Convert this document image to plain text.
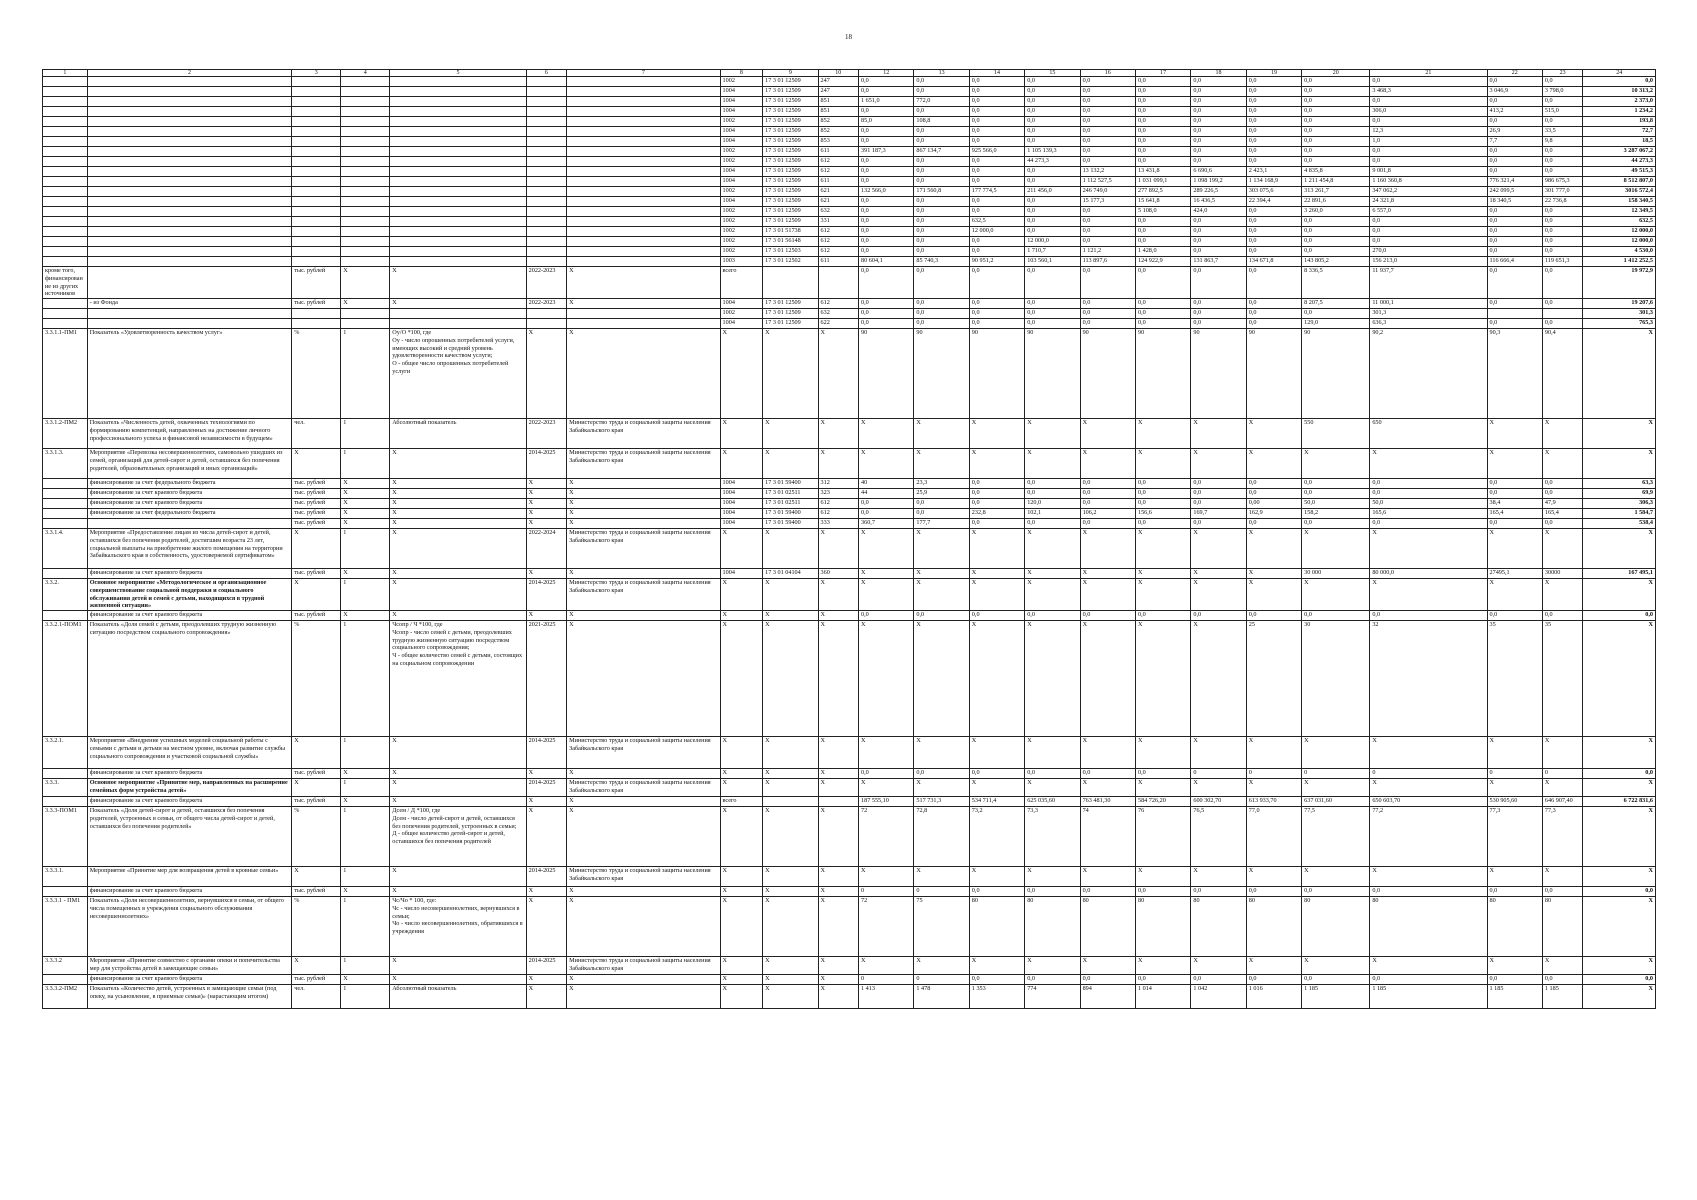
18
1	2	3	4	5	6	7	8	9	10	12	13	14	15	16	17	18	19	20	21	22	23	24
							1002	17 3 01 12509	247	0,0	0,0	0,0	0,0	0,0	0,0	0,0	0,0	0,0	0,0	0,0	0,0	0,0
							1004	17 3 01 12509	247	0,0	0,0	0,0	0,0	0,0	0,0	0,0	0,0	0,0	3 468,3	3 046,9	3 798,0	10 313,2
							1004	17 3 01 12509	851	1 651,0	772,0	0,0	0,0	0,0	0,0	0,0	0,0	0,0	0,0	0,0	0,0	2 373,0
							1004	17 3 01 12509	851	0,0	0,0	0,0	0,0	0,0	0,0	0,0	0,0	0,0	306,0	413,2	515,0	1 234,2
							1002	17 3 01 12509	852	85,0	108,8	0,0	0,0	0,0	0,0	0,0	0,0	0,0	0,0	0,0	0,0	193,8
							1004	17 3 01 12509	852	0,0	0,0	0,0	0,0	0,0	0,0	0,0	0,0	0,0	12,3	26,9	33,5	72,7
							1004	17 3 01 12509	853	0,0	0,0	0,0	0,0	0,0	0,0	0,0	0,0	0,0	1,0	7,7	9,8	18,5
							1002	17 3 01 12509	611	391 187,3	867 134,7	925 566,0	1 105 139,3	0,0	0,0	0,0	0,0	0,0	0,0	0,0	0,0	3 287 067,2
							1002	17 3 01 12509	612	0,0	0,0	0,0	44 273,3	0,0	0,0	0,0	0,0	0,0	0,0	0,0	0,0	44 273,3
							1004	17 3 01 12509	612	0,0	0,0	0,0	0,0	13 132,2	13 431,8	6 690,6	2 423,1	4 835,8	9 001,8	0,0	0,0	49 515,3
							1004	17 3 01 12509	611	0,0	0,0	0,0	0,0	1 112 527,5	1 031 099,1	1 098 199,2	1 134 168,9	1 211 454,8	1 160 360,8	776 321,4	986 675,3	8 512 807,0
							1002	17 3 01 12509	621	132 566,0	171 560,8	177 774,5	211 456,0	246 749,0	277 892,5	289 226,5	303 075,6	313 261,7	347 062,2	242 099,5	301 777,0	3016 572,4
							1004	17 3 01 12509	621	0,0	0,0	0,0	0,0	15 177,3	15 641,8	16 436,5	22 394,4	22 891,6	24 321,8	18 340,5	22 736,8	158 340,5
							1002	17 3 01 12509	632	0,0	0,0	0,0	0,0	0,0	5 108,0	424,0	0,0	3 260,0	6 557,0	0,0	0,0	12 349,5
							1002	17 3 01 12509	331	0,0	0,0	632,5	0,0	0,0	0,0	0,0	0,0	0,0	0,0	0,0	0,0	632,5
							1002	17 3 01 51738	612	0,0	0,0	12 000,0	0,0	0,0	0,0	0,0	0,0	0,0	0,0	0,0	0,0	12 000,0
							1002	17 3 01 56148	612	0,0	0,0	0,0	12 000,0	0,0	0,0	0,0	0,0	0,0	0,0	0,0	0,0	12 000,0
							1002	17 3 01 12503	612	0,0	0,0	0,0	1 710,7	1 121,2	1 428,0	0,0	0,0	0,0	270,0	0,0	0,0	4 530,0
							1003	17 3 01 12502	611	80 604,1	85 740,3	90 951,2	103 560,1	113 897,6	124 922,9	131 863,7	134 671,8	143 805,2	156 213,0	116 666,4	119 651,3	1 412 252,5
кроме того, финансирование из других источников		тыс. рублей	Х	Х	2022-2023	Х	всего			0,0	0,0	0,0	0,0	0,0	0,0	0,0	0,0	8 336,5	11 937,7	0,0	0,0	19 972,9
	- из Фонда	тыс. рублей	Х	Х	2022-2023	Х	1004	17 3 01 12509	612	0,0	0,0	0,0	0,0	0,0	0,0	0,0	0,0	8 207,5	11 000,1	0,0	0,0	19 207,6
							1002	17 3 01 12509	632	0,0	0,0	0,0	0,0	0,0	0,0	0,0	0,0	0,0	301,3			301,3
							1004	17 3 01 12509	622	0,0	0,0	0,0	0,0	0,0	0,0	0,0	0,0	129,0	636,3	0,0	0,0	765,3
3.3.1.1-ПМ1	Показатель «Удовлетворенность качеством услуг»	%	1	Оу/О *100, где
Оу - число опрошенных потребителей услуги, имеющих высокий и средний уровень удовлетворенности качеством услуги;
О - общее число опрошенных потребителей услуги	Х	Х	Х	Х	Х	90	90	90	90	90	90	90	90	90	90,2	90,3	90,4	Х
3.3.1.2-ПМ2	Показатель «Численность детей, охваченных технологиями по формированию компетенций, направленных на достижение личного профессионального успеха и финансовой независимости в будущем»	чел.	1	Абсолютный показатель	2022-2023	Министерство труда и социальной защиты населения Забайкальского края	Х	Х	Х	Х	Х	Х	Х	Х	Х	Х	Х	550	650	Х	Х	Х
3.3.1.3.	Мероприятие «Перевозка несовершеннолетних, самовольно ушедших из семей, организаций для детей-сирот и детей, оставшихся без попечения родителей, образовательных организаций и иных организаций»	Х	1	Х	2014-2025	Министерство труда и социальной защиты населения Забайкальского края	Х	Х	Х	Х	Х	Х	Х	Х	Х	Х	Х	Х	Х	Х	Х	Х
	финансирование за счет федерального бюджета	тыс. рублей	Х	Х	Х	Х	1004	17 3 01 59400	312	40	23,3	0,0	0,0	0,0	0,0	0,0	0,0	0,0	0,0	0,0	0,0	63,3
	финансирование за счет краевого бюджета	тыс. рублей	Х	Х	Х	Х	1004	17 3 01 02511	323	44	25,9	0,0	0,0	0,0	0,0	0,0	0,0	0,0	0,0	0,0	0,0	69,9
	финансирование за счет краевого бюджета	тыс. рублей	Х	Х	Х	Х	1004	17 3 01 02511	612	0,0	0,0	0,0	120,0	0,0	0,0	0,0	0,00	50,0	50,0	38,4	47,9	306,3
	финансирование за счет федерального бюджета	тыс. рублей	Х	Х	Х	Х	1004	17 3 01 59400	612	0,0	0,0	232,8	102,1	106,2	156,6	169,7	162,9	158,2	165,6	165,4	165,4	1 584,7
		тыс. рублей	Х	Х	Х	Х	1004	17 3 01 59400	333	360,7	177,7	0,0	0,0	0,0	0,0	0,0	0,0	0,0	0,0	0,0	0,0	538,4
3.3.1.4.	Мероприятие «Предоставление лицам из числа детей-сирот и детей, оставшихся без попечения родителей, достигшим возраста 23 лет, социальной выплаты на приобретение жилого помещения на территории Забайкальского края в собственность, удостоверяемой сертификатом»	Х	1	Х	2022-2024	Министерство труда и социальной защиты населения Забайкальского края	Х	Х	Х	Х	Х	Х	Х	Х	Х	Х	Х	Х	Х	Х	Х	Х
	финансирование за счет краевого бюджета	тыс. рублей	Х	Х	Х	Х	1004	17 3 01 04104	360	Х	Х	Х	Х	Х	Х	Х	Х	30 000	80 000,0	27495,1	30000	167 495,1
3.3.2.	Основное мероприятие «Методологическое и организационное совершенствование социальной поддержки и социального обслуживания детей и семей с детьми, находящихся в трудной жизненной ситуации»	Х	1	Х	2014-2025	Министерство труда и социальной защиты населения Забайкальского края	Х	Х	Х	Х	Х	Х	Х	Х	Х	Х	Х	Х	Х	Х	Х	Х
	финансирование за счет краевого бюджета	тыс. рублей	Х	Х	Х	Х	Х	Х	Х	0,0	0,0	0,0	0,0	0,0	0,0	0,0	0,0	0,0	0,0	0,0	0,0	0,0
3.3.2.1-ПОМ1	Показатель «Доля семей с детьми, преодолевших трудную жизненную ситуацию посредством социального сопровождения»	%	1	Чсопр / Ч *100, где
Чсопр - число семей с детьми, преодолевших трудную жизненную ситуацию посредством социального сопровождения;
Ч - общее количество семей с детьми, состоящих на социальном сопровождении	2021-2025	Х	Х	Х	Х	Х	Х	Х	Х	Х	Х	Х	25	30	32	35	35	Х
3.3.2.1.	Мероприятие «Внедрение успешных моделей социальной работы с семьями с детьми и детьми на местном уровне, включая развитие службы социального сопровождения и участковой социальной службы»	Х	1	Х	2014-2025	Министерство труда и социальной защиты населения Забайкальского края	Х	Х	Х	Х	Х	Х	Х	Х	Х	Х	Х	Х	Х	Х	Х	Х
	финансирование за счет краевого бюджета	тыс. рублей	Х	Х	Х	Х	Х	Х	Х	0,0	0,0	0,0	0,0	0,0	0,0	0	0	0	0	0	0	0,0
3.3.3.	Основное мероприятие «Принятие мер, направленных на расширение семейных форм устройства детей»	Х	1	Х	2014-2025	Министерство труда и социальной защиты населения Забайкальского края	Х	Х	Х	Х	Х	Х	Х	Х	Х	Х	Х	Х	Х	Х	Х	Х
	финансирование за счет краевого бюджета	тыс. рублей	Х	Х	Х	Х	всего			187 555,10	517 731,3	534 711,4	625 035,60	763 481,30	584 726,20	600 302,70	613 933,70	637 031,60	650 603,70	530 905,60	646 907,40	6 722 831,6
3.3.3-ПОМ1	Показатель «Доля детей-сирот и детей, оставшихся без попечения родителей, устроенных в семьи, от общего числа детей-сирот и детей, оставшихся без попечения родителей»	%	1	Дсем / Д *100, где
Дсем - число детей-сирот и детей, оставшихся без попечения родителей, устроенных в семьи;
Д - общее количество детей-сирот и детей, оставшихся без попечения родителей	Х	Х	Х	Х	Х	72	72,8	73,2	73,3	74	76	76,5	77,0	77,5	77,2	77,3	77,3	Х
3.3.3.1.	Мероприятие «Принятие мер для возвращения детей в кровные семьи»	Х	1	Х	2014-2025	Министерство труда и социальной защиты населения Забайкальского края	Х	Х	Х	Х	Х	Х	Х	Х	Х	Х	Х	Х	Х	Х	Х	Х
	финансирование за счет краевого бюджета	тыс. рублей	Х	Х	Х	Х	Х	Х	Х	0	0	0,0	0,0	0,0	0,0	0,0	0,0	0,0	0,0	0,0	0,0	0,0
3.3.3.1 - ПМ1	Показатель «Доля несовершеннолетних, вернувшихся в семьи, от общего числа помещенных в учреждения социального обслуживания несовершеннолетних»	%	1	Чс/Чо * 100, где:
Чс - число несовершеннолетних, вернувшихся в семьи;
Чо - число несовершеннолетних, обратившихся в учреждения	Х	Х	Х	Х	Х	72	75	80	80	80	80	80	80	80	80	80	80	Х
3.3.3.2	Мероприятие «Принятие совместно с органами опеки и попечительства мер для устройства детей в замещающие семьи»	Х	1	Х	2014-2025	Министерство труда и социальной защиты населения Забайкальского края	Х	Х	Х	Х	Х	Х	Х	Х	Х	Х	Х	Х	Х	Х	Х	Х
	финансирование за счет краевого бюджета	тыс. рублей	Х	Х	Х	Х	Х	Х	Х	0	0	0,0	0,0	0,0	0,0	0,0	0,0	0,0	0,0	0,0	0,0	0,0
3.3.3.2-ПМ2	Показатель «Количество детей, устроенных в замещающие семьи (под опеку, на усыновление, в приемные семьи)» (нарастающим итогом)	чел.	1	Абсолютный показатель	Х	Х	Х	Х	Х	1 413	1 478	1 353	774	894	1 014	1 042	1 016	1 185	1 185	1 185	1 185	Х
